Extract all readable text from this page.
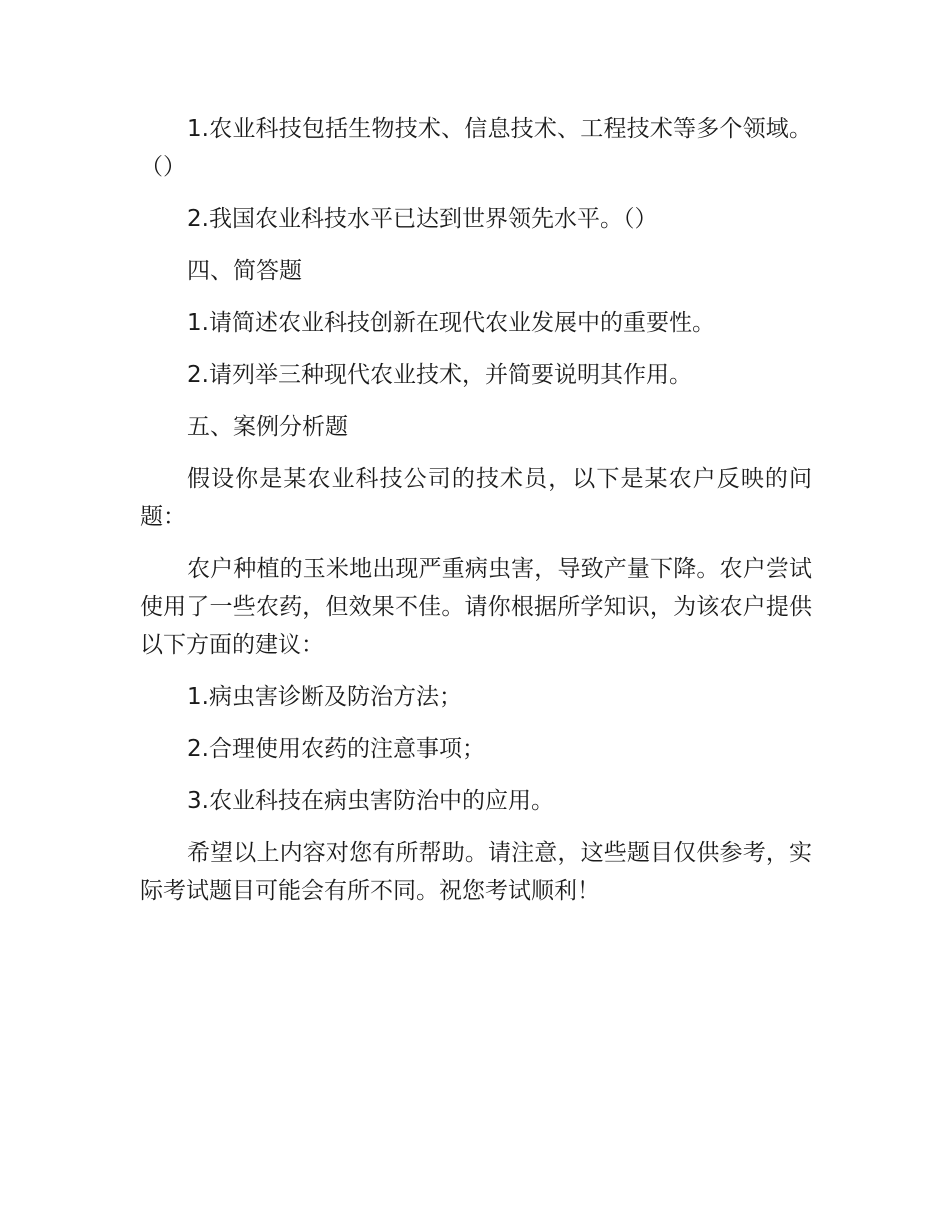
1.农业科技包括生物技术、信息技术、工程技术等多个领域。（）

2.我国农业科技水平已达到世界领先水平。（）

四、简答题

1.请简述农业科技创新在现代农业发展中的重要性。

2.请列举三种现代农业技术，并简要说明其作用。

五、案例分析题

假设你是某农业科技公司的技术员，以下是某农户反映的问题：

农户种植的玉米地出现严重病虫害，导致产量下降。农户尝试使用了一些农药，但效果不佳。请你根据所学知识，为该农户提供以下方面的建议：

1.病虫害诊断及防治方法；

2.合理使用农药的注意事项；

3.农业科技在病虫害防治中的应用。

希望以上内容对您有所帮助。请注意，这些题目仅供参考，实际考试题目可能会有所不同。祝您考试顺利！
